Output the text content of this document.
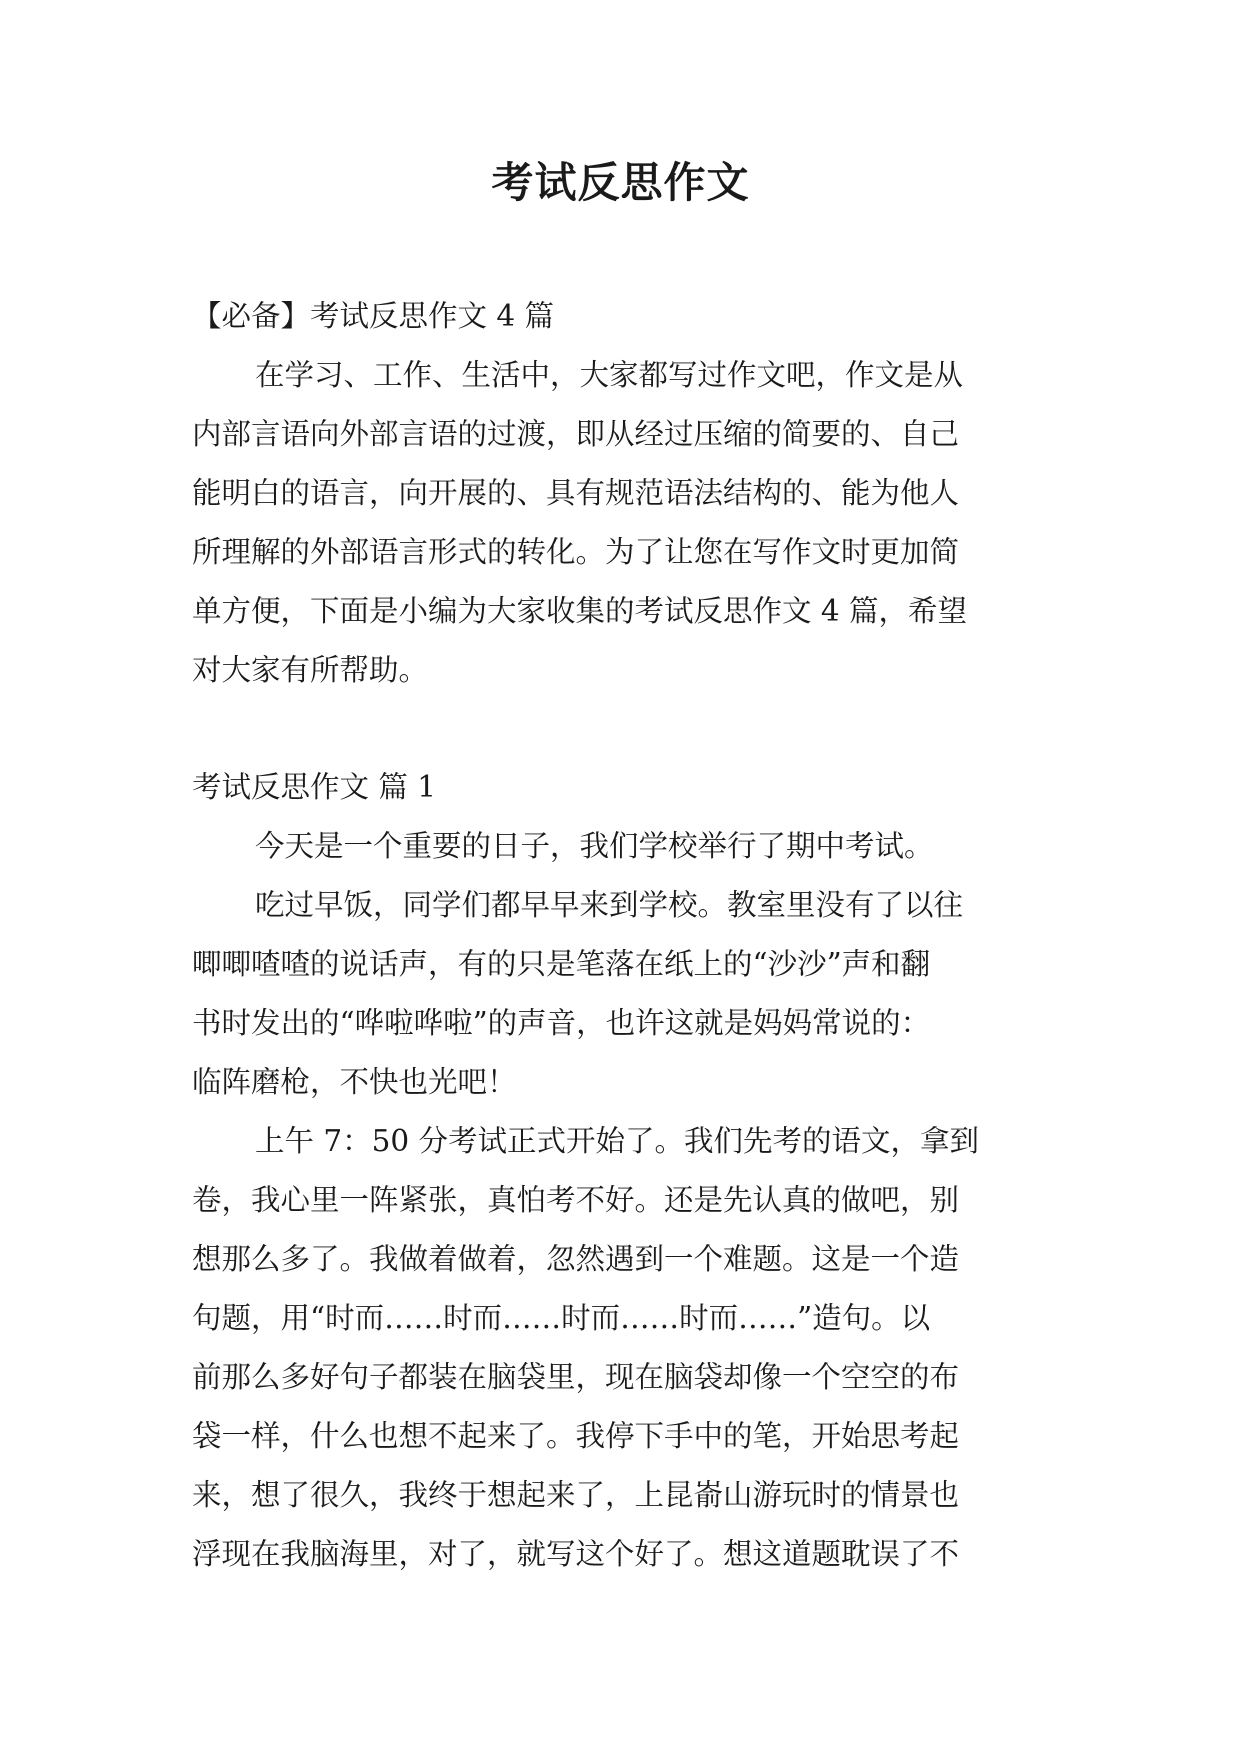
考试反思作文
【必备】考试反思作文 4 篇
在学习、工作、生活中，大家都写过作文吧，作文是从
内部言语向外部言语的过渡，即从经过压缩的简要的、自己
能明白的语言，向开展的、具有规范语法结构的、能为他人
所理解的外部语言形式的转化。为了让您在写作文时更加简
单方便，下面是小编为大家收集的考试反思作文 4 篇，希望
对大家有所帮助。
考试反思作文 篇 1
今天是一个重要的日子，我们学校举行了期中考试。
吃过早饭，同学们都早早来到学校。教室里没有了以往
唧唧喳喳的说话声，有的只是笔落在纸上的“沙沙”声和翻
书时发出的“哗啦哗啦”的声音，也许这就是妈妈常说的：
临阵磨枪，不快也光吧！
上午 7：50 分考试正式开始了。我们先考的语文，拿到
卷，我心里一阵紧张，真怕考不好。还是先认真的做吧，别
想那么多了。我做着做着，忽然遇到一个难题。这是一个造
句题，用“时而……时而……时而……时而……”造句。以
前那么多好句子都装在脑袋里，现在脑袋却像一个空空的布
袋一样，什么也想不起来了。我停下手中的笔，开始思考起
来，想了很久，我终于想起来了，上昆嵛山游玩时的情景也
浮现在我脑海里，对了，就写这个好了。想这道题耽误了不
